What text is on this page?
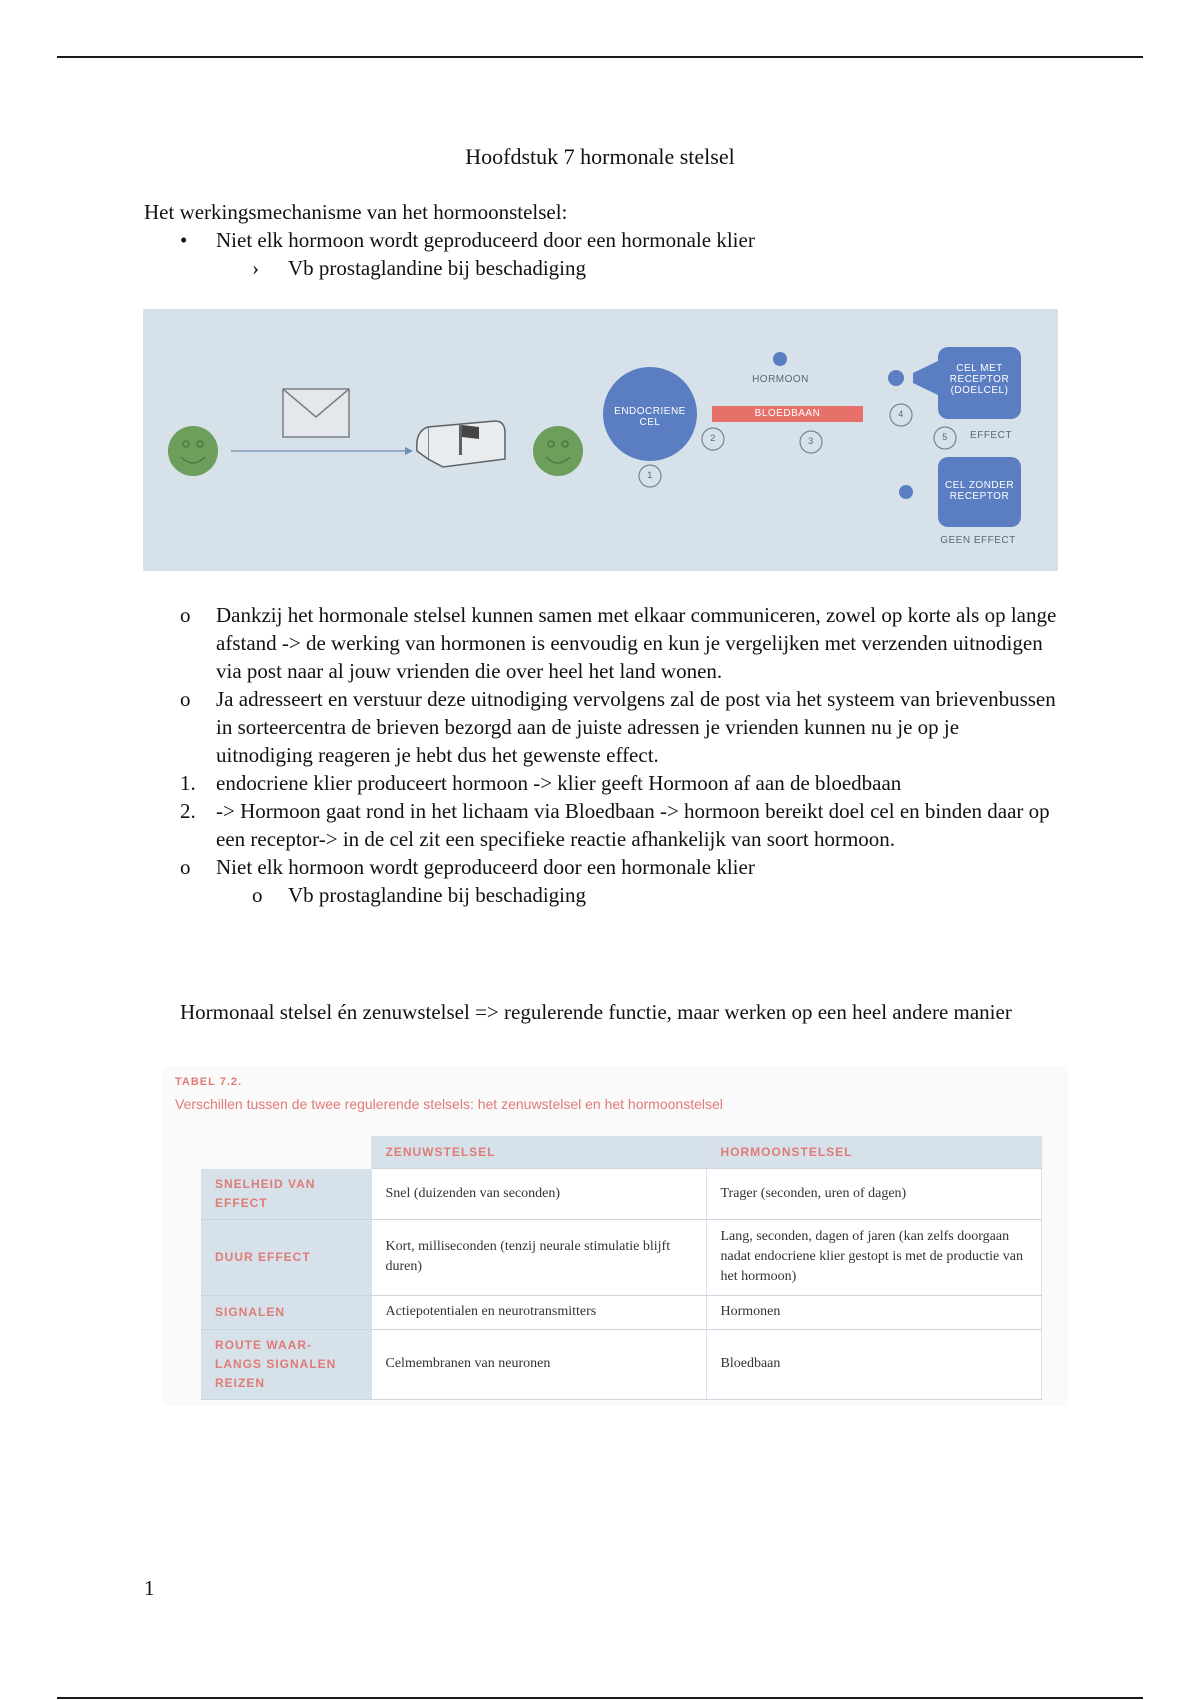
Hoofdstuk 7 hormonale stelsel
Het werkingsmechanisme van het hormoonstelsel:
• Niet elk hormoon wordt geproduceerd door een hormonale klier
› Vb prostaglandine bij beschadiging
ENDOCRIENE
CEL
HORMOON
BLOEDBAAN
CEL MET
RECEPTOR
(DOELCEL)
EFFECT
CEL ZONDER
RECEPTOR
GEEN EFFECT
1
2	3
4
5
o Dankzij het hormonale stelsel kunnen samen met elkaar communiceren, zowel op korte als op lange afstand -> de werking van hormonen is eenvoudig en kun je vergelijken met verzenden uitnodigen via post naar al jouw vrienden die over heel het land wonen.
o Ja adresseert en verstuur deze uitnodiging vervolgens zal de post via het systeem van brievenbussen in sorteercentra de brieven bezorgd aan de juiste adressen je vrienden kunnen nu je op je uitnodiging reageren je hebt dus het gewenste effect.
1. endocriene klier produceert hormoon -> klier geeft Hormoon af aan de bloedbaan
2. -> Hormoon gaat rond in het lichaam via Bloedbaan -> hormoon bereikt doel cel en binden daar op een receptor-> in de cel zit een specifieke reactie afhankelijk van soort hormoon.
o Niet elk hormoon wordt geproduceerd door een hormonale klier
o Vb prostaglandine bij beschadiging
Hormonaal stelsel én zenuwstelsel => regulerende functie, maar werken op een heel andere manier
TABEL 7.2.
Verschillen tussen de twee regulerende stelsels: het zenuwstelsel en het hormoonstelsel
	ZENUWSTELSEL	HORMOONSTELSEL
SNELHEID VAN EFFECT	Snel (duizenden van seconden)	Trager (seconden, uren of dagen)
DUUR EFFECT	Kort, milliseconden (tenzij neurale stimulatie blijft duren)	Lang, seconden, dagen of jaren (kan zelfs doorgaan nadat endocriene klier gestopt is met de productie van het hormoon)
SIGNALEN	Actiepotentialen en neurotransmitters	Hormonen
ROUTE WAAR-LANGS SIGNALEN REIZEN	Celmembranen van neuronen	Bloedbaan
1
